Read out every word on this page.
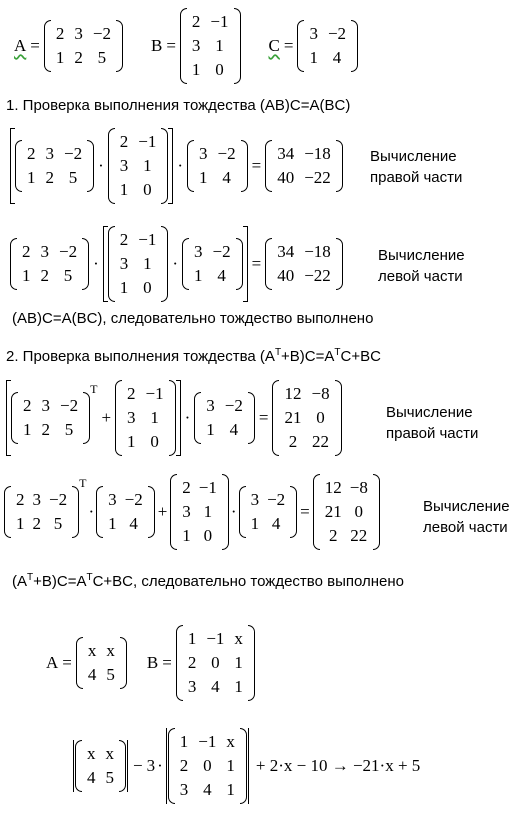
A =
2 3 −2
1 2 5
B =
2 −1
3 1
1 0
C =
3 −2
1 4
1. Проверка выполнения тождества (AB)C=A(BC)
2 3 −2
1 2 5
·
2 −1
3 1
1 0
·
3 −2
1 4
=
34 −18
40 −22
Вычисление
правой части
2 3 −2
1 2 5
·
2 −1
3 1
1 0
·
3 −2
1 4
=
34 −18
40 −22
Вычисление
левой части
(AB)C=A(BC), следовательно тождество выполнено
2. Проверка выполнения тождества $(A^T+B)C=A^TC+BC$
2 3 −2
1 2 5
T
+
2 −1
3 1
1 0
·
3 −2
1 4
=
12 −8
21 0
2 22
Вычисление
правой части
2 3 −2
1 2 5
T
·
3 −2
1 4
+
2 −1
3 1
1 0
·
3 −2
1 4
=
12 −8
21 0
2 22
Вычисление
левой части
$(A^T+B)C=A^TC+BC$, следовательно тождество выполнено
A =
x x
4 5
B =
1 −1 x
2 0 1
3 4 1
x x
4 5
− 3 ·
1 −1 x
2 0 1
3 4 1
+ 2·x − 10 → −21·x + 5
